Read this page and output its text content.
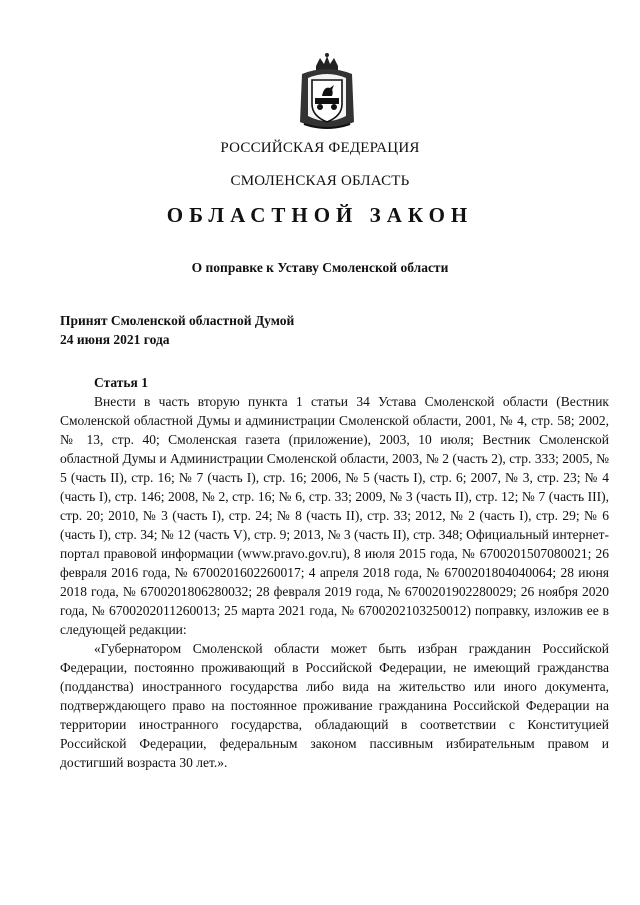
РОССИЙСКАЯ ФЕДЕРАЦИЯ
СМОЛЕНСКАЯ ОБЛАСТЬ
ОБЛАСТНОЙ ЗАКОН
О поправке к Уставу Смоленской области
Принят Смоленской областной Думой
24 июня 2021 года
Статья 1

Внести в часть вторую пункта 1 статьи 34 Устава Смоленской области (Вестник Смоленской областной Думы и администрации Смоленской области, 2001, № 4, стр. 58; 2002, № 13, стр. 40; Смоленская газета (приложение), 2003, 10 июля; Вестник Смоленской областной Думы и Администрации Смоленской области, 2003, № 2 (часть 2), стр. 333; 2005, № 5 (часть II), стр. 16; № 7 (часть I), стр. 16; 2006, № 5 (часть I), стр. 6; 2007, № 3, стр. 23; № 4 (часть I), стр. 146; 2008, № 2, стр. 16; № 6, стр. 33; 2009, № 3 (часть II), стр. 12; № 7 (часть III), стр. 20; 2010, № 3 (часть I), стр. 24; № 8 (часть II), стр. 33; 2012, № 2 (часть I), стр. 29; № 6 (часть I), стр. 34; № 12 (часть V), стр. 9; 2013, № 3 (часть II), стр. 348; Официальный интернет-портал правовой информации (www.pravo.gov.ru), 8 июля 2015 года, № 6700201507080021; 26 февраля 2016 года, № 6700201602260017; 4 апреля 2018 года, № 6700201804040064; 28 июня 2018 года, № 6700201806280032; 28 февраля 2019 года, № 6700201902280029; 26 ноября 2020 года, № 6700202011260013; 25 марта 2021 года, № 6700202103250012) поправку, изложив ее в следующей редакции:

«Губернатором Смоленской области может быть избран гражданин Российской Федерации, постоянно проживающий в Российской Федерации, не имеющий гражданства (подданства) иностранного государства либо вида на жительство или иного документа, подтверждающего право на постоянное проживание гражданина Российской Федерации на территории иностранного государства, обладающий в соответствии с Конституцией Российской Федерации, федеральным законом пассивным избирательным правом и достигший возраста 30 лет.».
